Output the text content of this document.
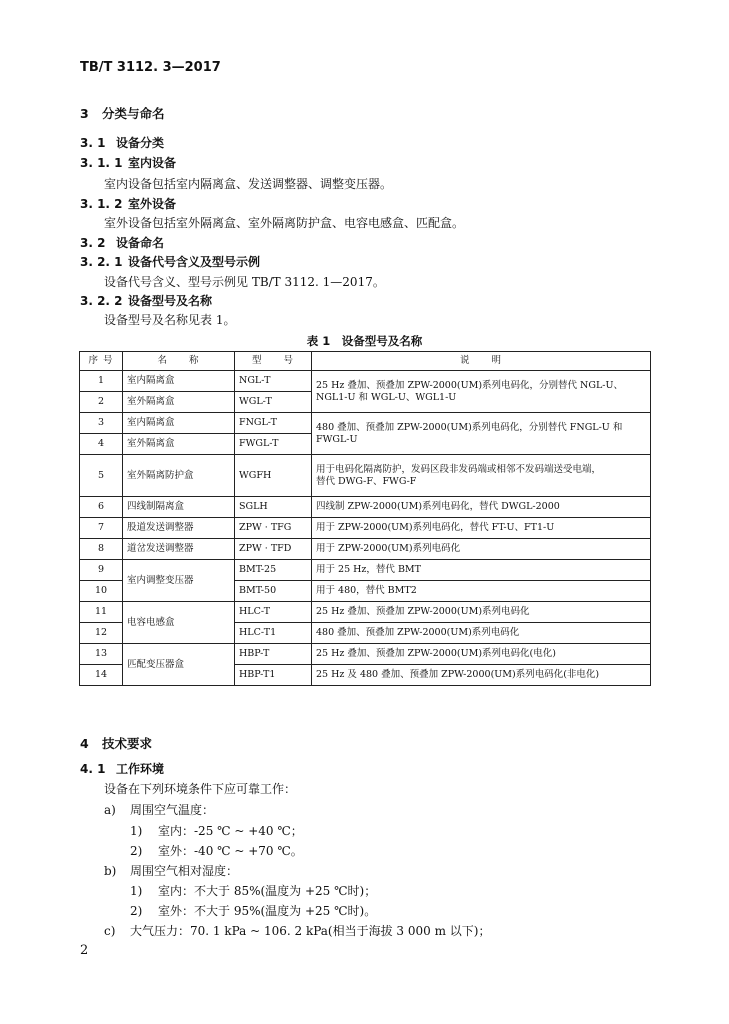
TB/T 3112. 3—2017
3 分类与命名
3. 1 设备分类
3. 1. 1 室内设备
室内设备包括室内隔离盒、发送调整器、调整变压器。
3. 1. 2 室外设备
室外设备包括室外隔离盒、室外隔离防护盒、电容电感盒、匹配盒。
3. 2 设备命名
3. 2. 1 设备代号含义及型号示例
设备代号含义、型号示例见 TB/T 3112. 1—2017。
3. 2. 2 设备型号及名称
设备型号及名称见表 1。
表 1　设备型号及名称
序 号	名　　称	型　　号	说　　明
1	室内隔离盒	NGL-T	25 Hz 叠加、预叠加 ZPW-2000(UM)系列电码化，分别替代 NGL-U、
NGL1-U 和 WGL-U、WGL1-U

2	室外隔离盒	WGL-T	
3	室内隔离盒	FNGL-T	480 叠加、预叠加 ZPW-2000(UM)系列电码化，分别替代 FNGL-U 和
FWGL-U

4	室外隔离盒	FWGL-T	
5	室外隔离防护盒	WGFH	用于电码化隔离防护，发码区段非发码端或相邻不发码端送受电端，
替代 DWG-F、FWG-F

6	四线制隔离盒	SGLH	四线制 ZPW-2000(UM)系列电码化，替代 DWGL-2000
7	股道发送调整器	ZPW · TFG	用于 ZPW-2000(UM)系列电码化，替代 FT-U、FT1-U
8	道岔发送调整器	ZPW · TFD	用于 ZPW-2000(UM)系列电码化
9	室内调整变压器	BMT-25	用于 25 Hz，替代 BMT
10		BMT-50	用于 480，替代 BMT2
11	电容电感盒	HLC-T	25 Hz 叠加、预叠加 ZPW-2000(UM)系列电码化
12		HLC-T1	480 叠加、预叠加 ZPW-2000(UM)系列电码化
13	匹配变压器盒	HBP-T	25 Hz 叠加、预叠加 ZPW-2000(UM)系列电码化(电化)
14		HBP-T1	25 Hz 及 480 叠加、预叠加 ZPW-2000(UM)系列电码化(非电化)
4 技术要求
4. 1 工作环境
设备在下列环境条件下应可靠工作：
a) 周围空气温度：
1) 室内：-25 ℃ ~ +40 ℃；
2) 室外：-40 ℃ ~ +70 ℃。
b) 周围空气相对湿度：
1) 室内：不大于 85%(温度为 +25 ℃时)；
2) 室外：不大于 95%(温度为 +25 ℃时)。
c) 大气压力：70. 1 kPa ~ 106. 2 kPa(相当于海拔 3 000 m 以下)；
2
